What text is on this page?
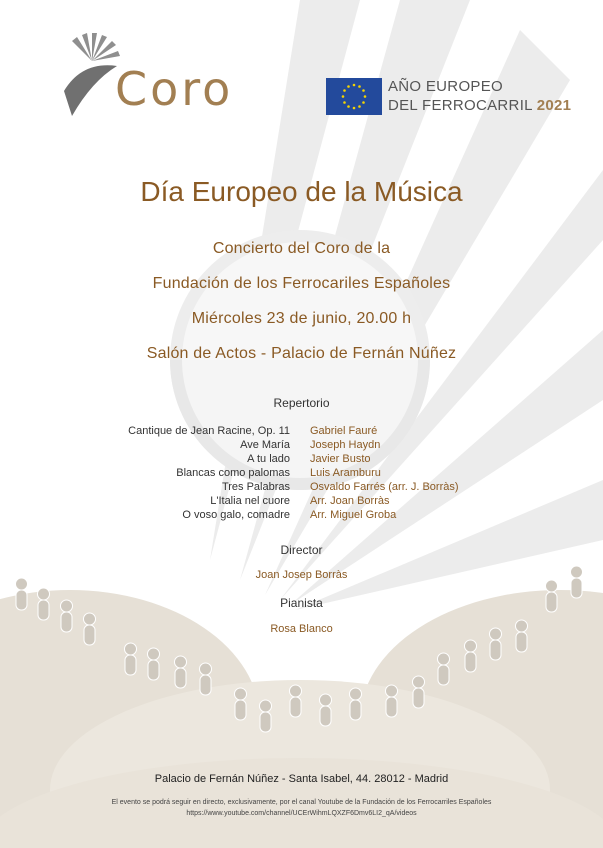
Coro	AÑO EUROPEO
DEL FERROCARRIL 2021
Día Europeo de la Música
Concierto del Coro de la
Fundación de los Ferrocariles Españoles
Miércoles 23 de junio, 20.00 h
Salón de Actos - Palacio de Fernán Núñez
Repertorio
Cantique de Jean Racine, Op. 11
Ave María
A tu lado
Blancas como palomas
Tres Palabras
L'Italia nel cuore
O voso galo, comadre
Gabriel Fauré
Joseph Haydn
Javier Busto
Luis Aramburu
Osvaldo Farrés (arr. J. Borràs)
Arr. Joan Borràs
Arr. Miguel Groba
Director
Joan Josep Borràs
Pianista
Rosa Blanco
Palacio de Fernán Núñez - Santa Isabel, 44. 28012 - Madrid
El evento se podrá seguir en directo, exclusivamente, por el canal Youtube de la Fundación de los Ferrocarriles Españoles
https://www.youtube.com/channel/UCErWihmLQXZF6Dmv6LI2_qA/videos
